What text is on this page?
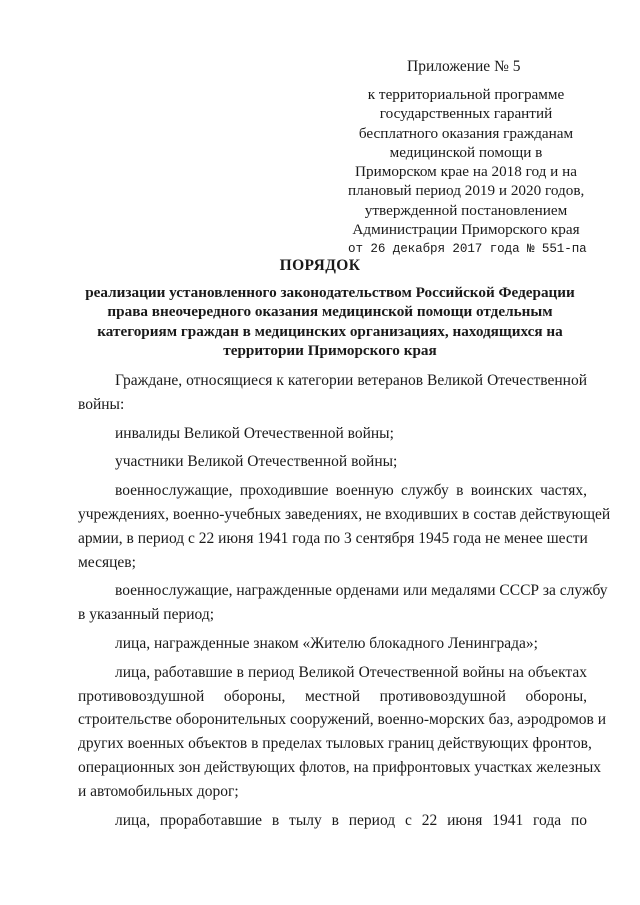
Приложение № 5
к территориальной программе
государственных гарантий
бесплатного оказания гражданам
медицинской помощи в
Приморском крае на 2018 год и на
плановый период 2019 и 2020 годов,
утвержденной постановлением
Администрации Приморского края
от 26 декабря 2017 года № 551-па
ПОРЯДОК
реализации установленного законодательством Российской Федерации
права внеочередного оказания медицинской помощи отдельным
категориям граждан в медицинских организациях, находящихся на
территории Приморского края

Граждане, относящиеся к категории ветеранов Великой Отечественной

войны:

инвалиды Великой Отечественной войны;

участники Великой Отечественной войны;

военнослужащие, проходившие военную службу в воинских частях,

учреждениях, военно-учебных заведениях, не входивших в состав действующей

армии, в период с 22 июня 1941 года по 3 сентября 1945 года не менее шести

месяцев;

военнослужащие, награжденные орденами или медалями СССР за службу

в указанный период;

лица, награжденные знаком «Жителю блокадного Ленинграда»;

лица, работавшие в период Великой Отечественной войны на объектах

противовоздушной обороны, местной противовоздушной обороны,

строительстве оборонительных сооружений, военно-морских баз, аэродромов и

других военных объектов в пределах тыловых границ действующих фронтов,

операционных зон действующих флотов, на прифронтовых участках железных

и автомобильных дорог;

лица, проработавшие в тылу в период с 22 июня 1941 года по
